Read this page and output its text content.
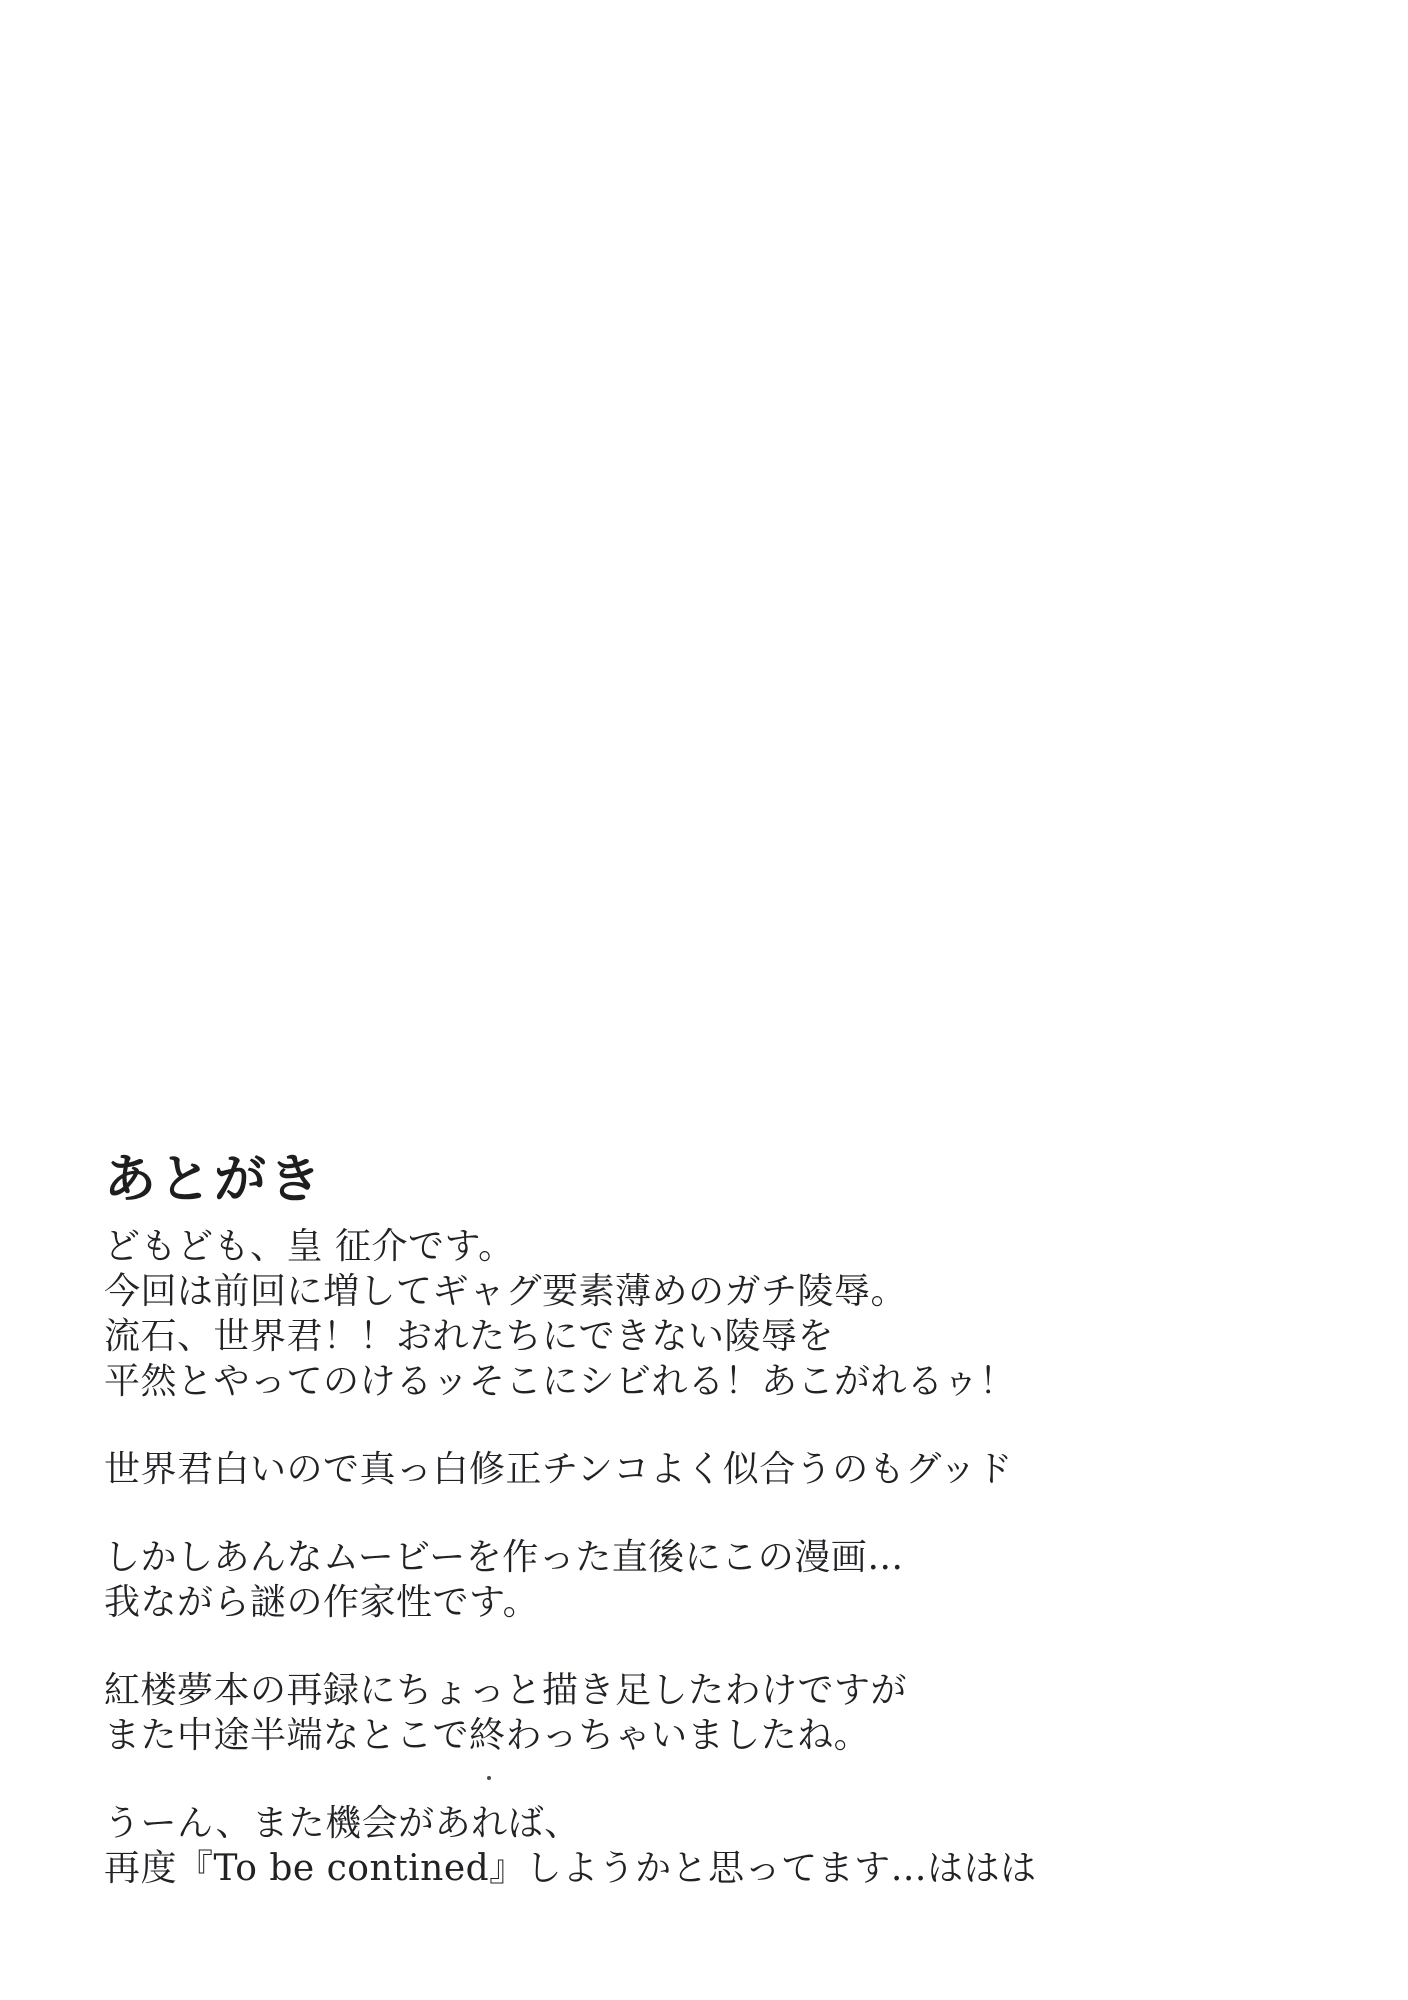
あとがき
どもども、皇 征介です。
今回は前回に増してギャグ要素薄めのガチ陵辱。
流石、世界君！！おれたちにできない陵辱を
平然とやってのけるッそこにシビれる！あこがれるゥ！
世界君白いので真っ白修正チンコよく似合うのもグッド
しかしあんなムービーを作った直後にこの漫画…
我ながら謎の作家性です。
紅楼夢本の再録にちょっと描き足したわけですが
また中途半端なとこで終わっちゃいましたね。
うーん、また機会があれば、
再度『To be contined』しようかと思ってます…ははは
